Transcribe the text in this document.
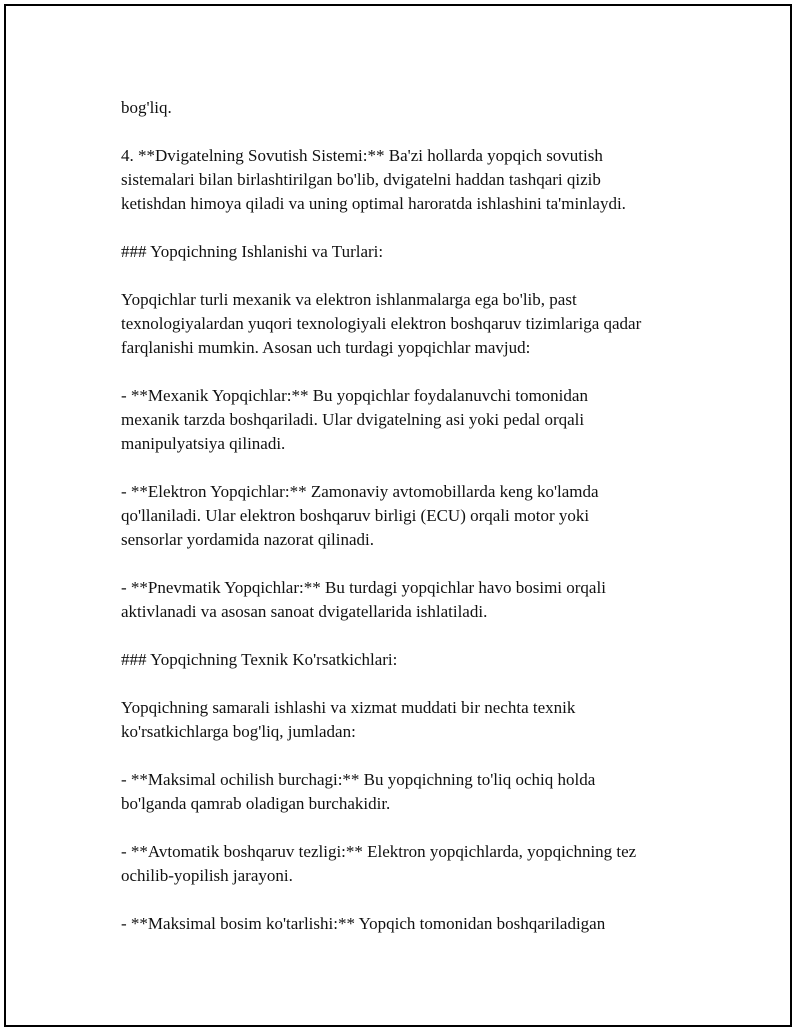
bog'liq.

4. **Dvigatelning Sovutish Sistemi:** Ba'zi hollarda yopqich sovutish
sistemalari bilan birlashtirilgan bo'lib, dvigatelni haddan tashqari qizib
ketishdan himoya qiladi va uning optimal haroratda ishlashini ta'minlaydi.

### Yopqichning Ishlanishi va Turlari:

Yopqichlar turli mexanik va elektron ishlanmalarga ega bo'lib, past
texnologiyalardan yuqori texnologiyali elektron boshqaruv tizimlariga qadar
farqlanishi mumkin. Asosan uch turdagi yopqichlar mavjud:

- **Mexanik Yopqichlar:** Bu yopqichlar foydalanuvchi tomonidan
mexanik tarzda boshqariladi. Ular dvigatelning asi yoki pedal orqali
manipulyatsiya qilinadi.

- **Elektron Yopqichlar:** Zamonaviy avtomobillarda keng ko'lamda
qo'llaniladi. Ular elektron boshqaruv birligi (ECU) orqali motor yoki
sensorlar yordamida nazorat qilinadi.

- **Pnevmatik Yopqichlar:** Bu turdagi yopqichlar havo bosimi orqali
aktivlanadi va asosan sanoat dvigatellarida ishlatiladi.

### Yopqichning Texnik Ko'rsatkichlari:

Yopqichning samarali ishlashi va xizmat muddati bir nechta texnik
ko'rsatkichlarga bog'liq, jumladan:

- **Maksimal ochilish burchagi:** Bu yopqichning to'liq ochiq holda
bo'lganda qamrab oladigan burchakidir.

- **Avtomatik boshqaruv tezligi:** Elektron yopqichlarda, yopqichning tez
ochilib-yopilish jarayoni.

- **Maksimal bosim ko'tarlishi:** Yopqich tomonidan boshqariladigan
